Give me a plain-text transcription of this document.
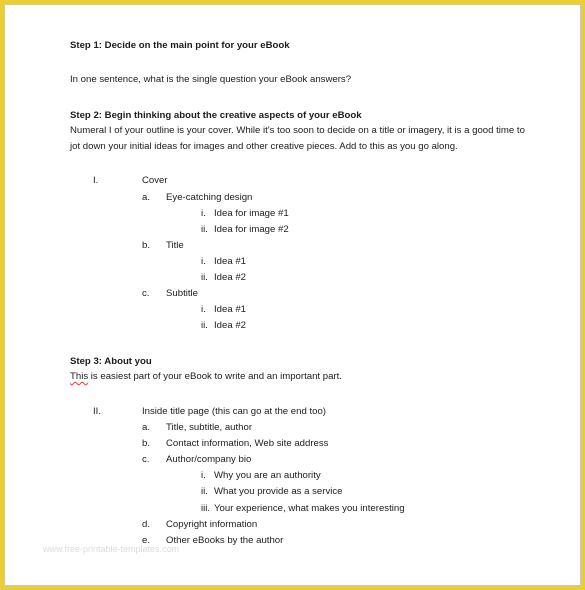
Step 1: Decide on the main point for your eBook

In one sentence, what is the single question your eBook answers?

Step 2: Begin thinking about the creative aspects of your eBook

Numeral I of your outline is your cover. While it's too soon to decide on a title or imagery, it is a good time to

jot down your initial ideas for images and other creative pieces. Add to this as you go along.

I.	Cover

a. Eye-catching design

i. Idea for image #1

ii. Idea for image #2

b. Title

i. Idea #1

ii. Idea #2

c. Subtitle

i. Idea #1

ii. Idea #2

Step 3: About you

This is easiest part of your eBook to write and an important part.

II.	Inside title page (this can go at the end too)

a. Title, subtitle, author

b. Contact information, Web site address

c. Author/company bio

i. Why you are an authority

ii. What you provide as a service

iii. Your experience, what makes you interesting

d. Copyright information

e. Other eBooks by the author

www.free-printable-templates.com
